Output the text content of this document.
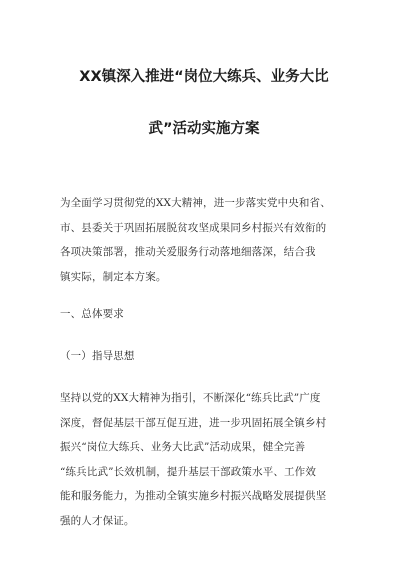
XX镇深入推进“岗位大练兵、业务大比
武”活动实施方案
为全面学习贯彻党的XX大精神，进一步落实党中央和省、
市、县委关于巩固拓展脱贫攻坚成果同乡村振兴有效衔的
各项决策部署，推动关爱服务行动落地细落深，结合我
镇实际，制定本方案。
一、总体要求
（一）指导思想
坚持以党的XX大精神为指引，不断深化“练兵比武”广度
深度，督促基层干部互促互进，进一步巩固拓展全镇乡村
振兴“岗位大练兵、业务大比武”活动成果，健全完善
“练兵比武”长效机制，提升基层干部政策水平、工作效
能和服务能力，为推动全镇实施乡村振兴战略发展提供坚
强的人才保证。
